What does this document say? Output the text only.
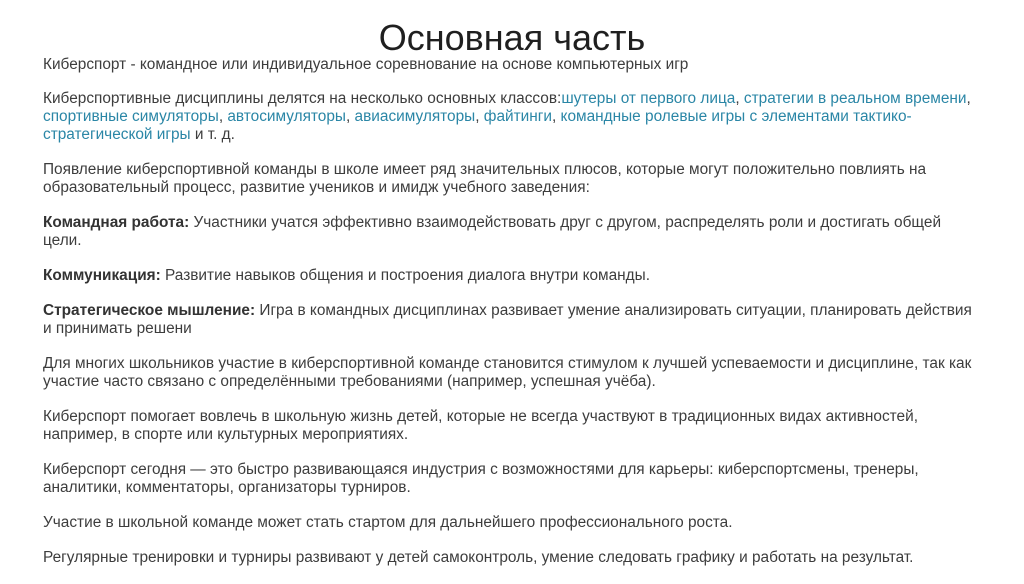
Основная часть

Киберспорт - командное или индивидуальное соревнование на основе компьютерных игр

Киберспортивные дисциплины делятся на несколько основных классов:шутеры от первого лица, стратегии в реальном времени, спортивные симуляторы, автосимуляторы, авиасимуляторы, файтинги, командные ролевые игры с элементами тактико-стратегической игры и т. д.

Появление киберспортивной команды в школе имеет ряд значительных плюсов, которые могут положительно повлиять на образовательный процесс, развитие учеников и имидж учебного заведения:

Командная работа: Участники учатся эффективно взаимодействовать друг с другом, распределять роли и достигать общей цели.

Коммуникация: Развитие навыков общения и построения диалога внутри команды.

Стратегическое мышление: Игра в командных дисциплинах развивает умение анализировать ситуации, планировать действия и принимать решени

Для многих школьников участие в киберспортивной команде становится стимулом к лучшей успеваемости и дисциплине, так как участие часто связано с определёнными требованиями (например, успешная учёба).

Киберспорт помогает вовлечь в школьную жизнь детей, которые не всегда участвуют в традиционных видах активностей, например, в спорте или культурных мероприятиях.

Киберспорт сегодня — это быстро развивающаяся индустрия с возможностями для карьеры: киберспортсмены, тренеры, аналитики, комментаторы, организаторы турниров.

Участие в школьной команде может стать стартом для дальнейшего профессионального роста.

Регулярные тренировки и турниры развивают у детей самоконтроль, умение следовать графику и работать на результат.
